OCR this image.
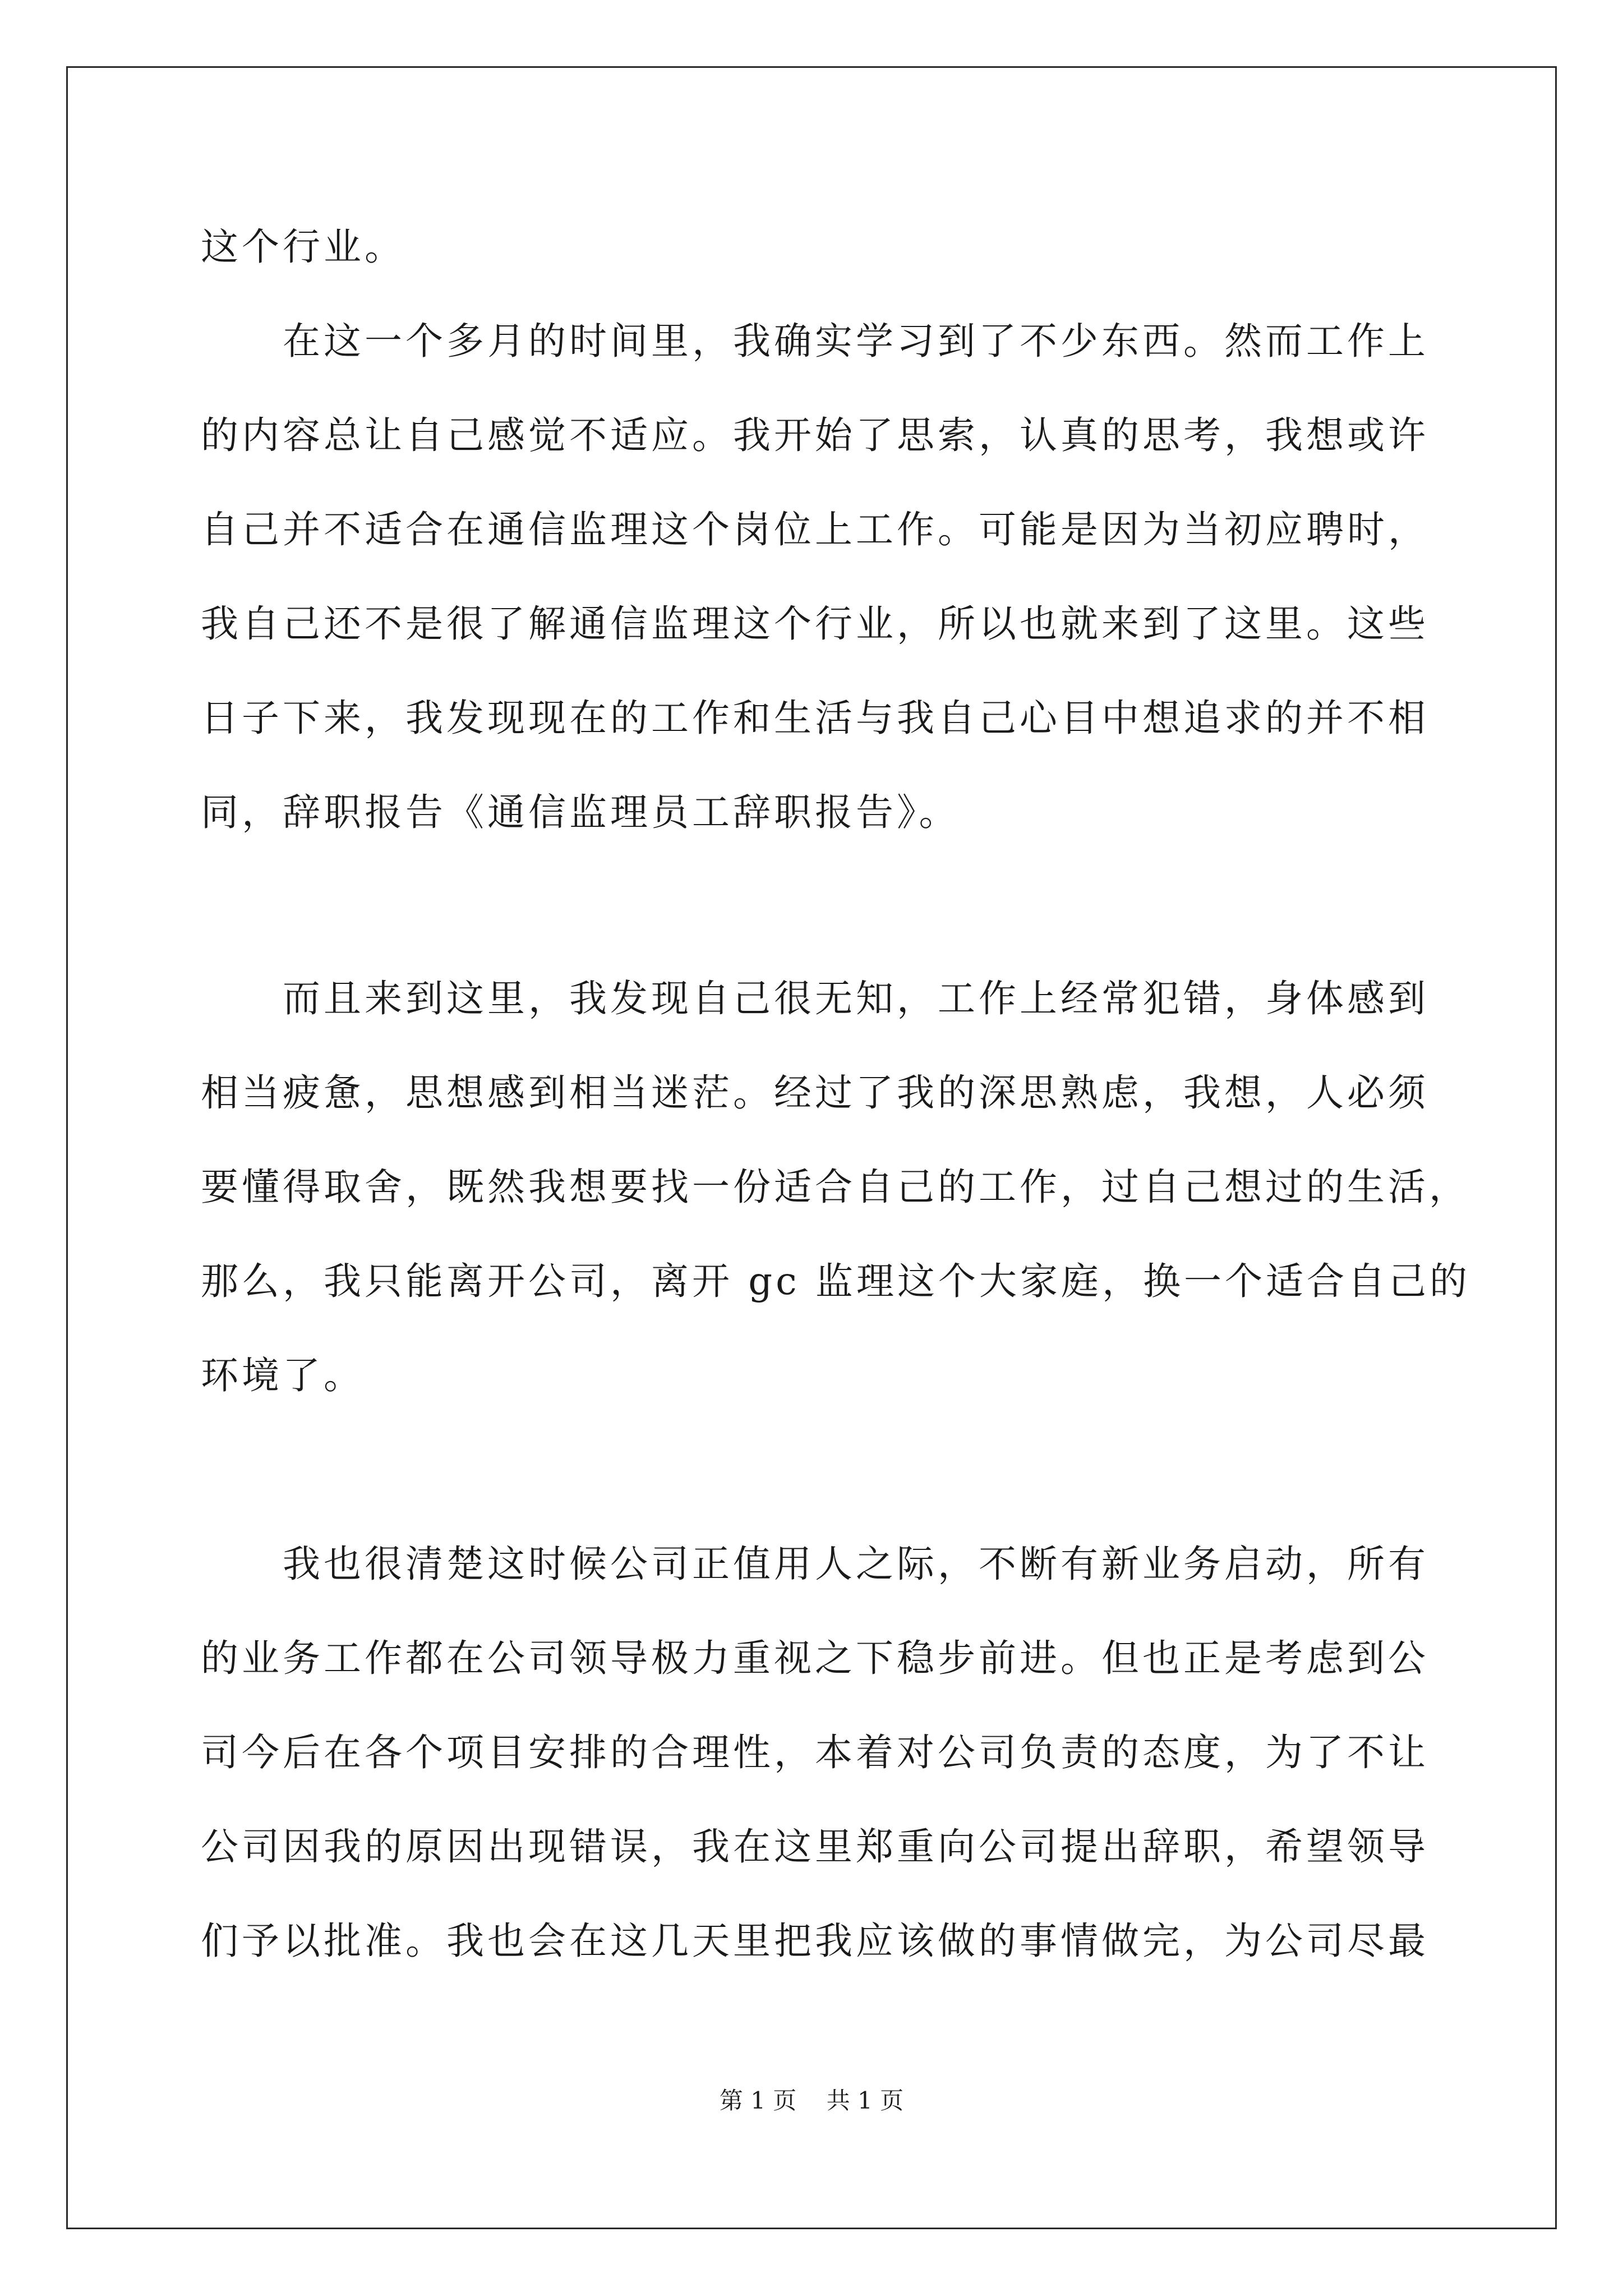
这个行业。
　　在这一个多月的时间里，我确实学习到了不少东西。然而工作上
的内容总让自己感觉不适应。我开始了思索，认真的思考，我想或许
自己并不适合在通信监理这个岗位上工作。可能是因为当初应聘时，
我自己还不是很了解通信监理这个行业，所以也就来到了这里。这些
日子下来，我发现现在的工作和生活与我自己心目中想追求的并不相
同，辞职报告《通信监理员工辞职报告》。
　　而且来到这里，我发现自己很无知，工作上经常犯错，身体感到
相当疲惫，思想感到相当迷茫。经过了我的深思熟虑，我想，人必须
要懂得取舍，既然我想要找一份适合自己的工作，过自己想过的生活，
那么，我只能离开公司，离开 gc 监理这个大家庭，换一个适合自己的
环境了。
　　我也很清楚这时候公司正值用人之际，不断有新业务启动，所有
的业务工作都在公司领导极力重视之下稳步前进。但也正是考虑到公
司今后在各个项目安排的合理性，本着对公司负责的态度，为了不让
公司因我的原因出现错误，我在这里郑重向公司提出辞职，希望领导
们予以批准。我也会在这几天里把我应该做的事情做完，为公司尽最
第 1 页 共 1 页
